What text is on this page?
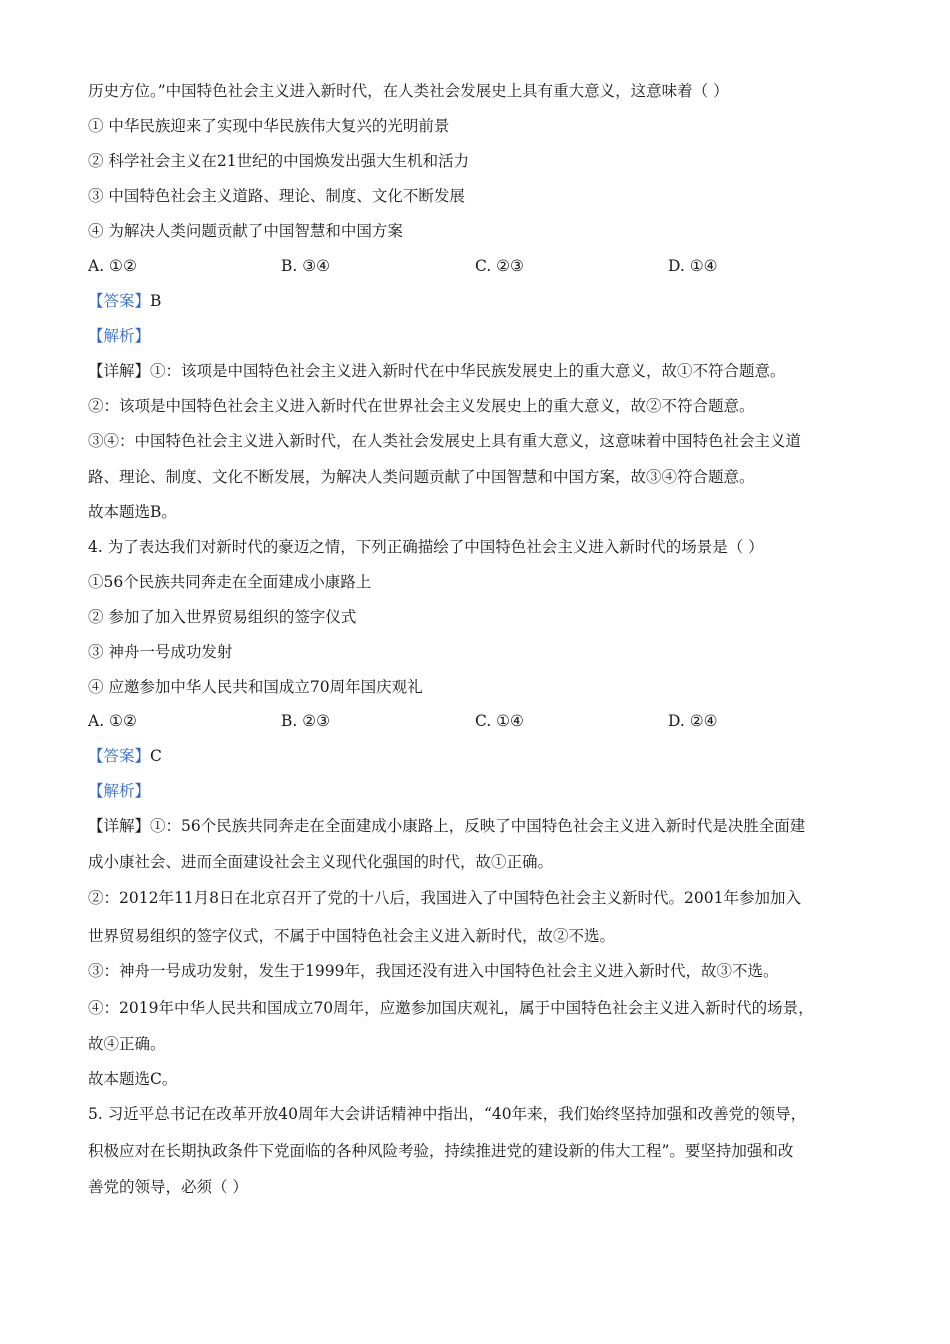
历史方位。”中国特色社会主义进入新时代，在人类社会发展史上具有重大意义，这意味着（ ）
① 中华民族迎来了实现中华民族伟大复兴的光明前景
② 科学社会主义在21世纪的中国焕发出强大生机和活力
③ 中国特色社会主义道路、理论、制度、文化不断发展
④ 为解决人类问题贡献了中国智慧和中国方案
A. ①②	B. ③④	C. ②③	D. ①④
【答案】B
【解析】
【详解】①：该项是中国特色社会主义进入新时代在中华民族发展史上的重大意义，故①不符合题意。
②：该项是中国特色社会主义进入新时代在世界社会主义发展史上的重大意义，故②不符合题意。
③④：中国特色社会主义进入新时代，在人类社会发展史上具有重大意义，这意味着中国特色社会主义道
路、理论、制度、文化不断发展，为解决人类问题贡献了中国智慧和中国方案，故③④符合题意。
故本题选B。
4. 为了表达我们对新时代的豪迈之情，下列正确描绘了中国特色社会主义进入新时代的场景是（ ）
①56个民族共同奔走在全面建成小康路上
② 参加了加入世界贸易组织的签字仪式
③ 神舟一号成功发射
④ 应邀参加中华人民共和国成立70周年国庆观礼
A. ①②	B. ②③	C. ①④	D. ②④
【答案】C
【解析】
【详解】①：56个民族共同奔走在全面建成小康路上，反映了中国特色社会主义进入新时代是决胜全面建
成小康社会、进而全面建设社会主义现代化强国的时代，故①正确。
②：2012年11月8日在北京召开了党的十八后，我国进入了中国特色社会主义新时代。2001年参加加入
世界贸易组织的签字仪式，不属于中国特色社会主义进入新时代，故②不选。
③：神舟一号成功发射，发生于1999年，我国还没有进入中国特色社会主义进入新时代，故③不选。
④：2019年中华人民共和国成立70周年，应邀参加国庆观礼，属于中国特色社会主义进入新时代的场景，
故④正确。
故本题选C。
5. 习近平总书记在改革开放40周年大会讲话精神中指出，“40年来，我们始终坚持加强和改善党的领导，
积极应对在长期执政条件下党面临的各种风险考验，持续推进党的建设新的伟大工程”。要坚持加强和改
善党的领导，必须（ ）
